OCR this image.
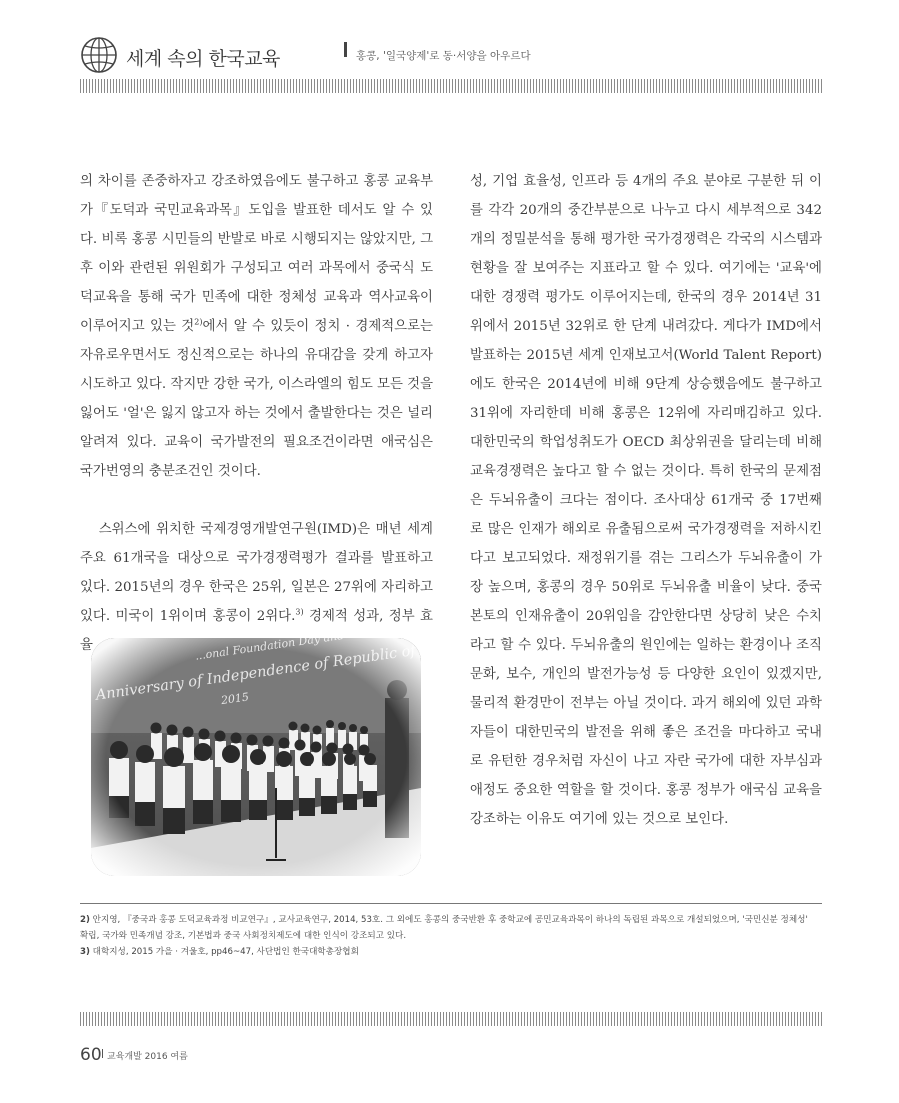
세계 속의 한국교육	홍콩, '일국양제'로 동·서양을 아우르다

의 차이를 존중하자고 강조하였음에도 불구하고 홍콩 교육부가『도덕과 국민교육과목』도입을 발표한 데서도 알 수 있다. 비록 홍콩 시민들의 반발로 바로 시행되지는 않았지만, 그 후 이와 관련된 위원회가 구성되고 여러 과목에서 중국식 도덕교육을 통해 국가 민족에 대한 정체성 교육과 역사교육이 이루어지고 있는 것$^{2)}$에서 알 수 있듯이 정치 · 경제적으로는 자유로우면서도 정신적으로는 하나의 유대감을 갖게 하고자 시도하고 있다. 작지만 강한 국가, 이스라엘의 힘도 모든 것을 잃어도 '얼'은 잃지 않고자 하는 것에서 출발한다는 것은 널리 알려져 있다. 교육이 국가발전의 필요조건이라면 애국심은 국가번영의 충분조건인 것이다.

스위스에 위치한 국제경영개발연구원(IMD)은 매년 세계 주요 61개국을 대상으로 국가경쟁력평가 결과를 발표하고 있다. 2015년의 경우 한국은 25위, 일본은 27위에 자리하고 있다. 미국이 1위이며 홍콩이 2위다.$^{3)}$ 경제적 성과, 정부 효율

성, 기업 효율성, 인프라 등 4개의 주요 분야로 구분한 뒤 이를 각각 20개의 중간부분으로 나누고 다시 세부적으로 342개의 정밀분석을 통해 평가한 국가경쟁력은 각국의 시스템과 현황을 잘 보여주는 지표라고 할 수 있다. 여기에는 '교육'에 대한 경쟁력 평가도 이루어지는데, 한국의 경우 2014년 31위에서 2015년 32위로 한 단계 내려갔다. 게다가 IMD에서 발표하는 2015년 세계 인재보고서(World Talent Report)에도 한국은 2014년에 비해 9단계 상승했음에도 불구하고 31위에 자리한데 비해 홍콩은 12위에 자리매김하고 있다. 대한민국의 학업성취도가 OECD 최상위권을 달리는데 비해 교육경쟁력은 높다고 할 수 없는 것이다. 특히 한국의 문제점은 두뇌유출이 크다는 점이다. 조사대상 61개국 중 17번째로 많은 인재가 해외로 유출됨으로써 국가경쟁력을 저하시킨다고 보고되었다. 재정위기를 겪는 그리스가 두뇌유출이 가장 높으며, 홍콩의 경우 50위로 두뇌유출 비율이 낮다. 중국 본토의 인재유출이 20위임을 감안한다면 상당히 낮은 수치라고 할 수 있다. 두뇌유출의 원인에는 일하는 환경이나 조직 문화, 보수, 개인의 발전가능성 등 다양한 요인이 있겠지만, 물리적 환경만이 전부는 아닐 것이다. 과거 해외에 있던 과학자들이 대한민국의 발전을 위해 좋은 조건을 마다하고 국내로 유턴한 경우처럼 자신이 나고 자란 국가에 대한 자부심과 애정도 중요한 역할을 할 것이다. 홍콩 정부가 애국심 교육을 강조하는 이유도 여기에 있는 것으로 보인다.

2) 안지영, 『중국과 홍콩 도덕교육과정 비교연구』, 교사교육연구, 2014, 53호. 그 외에도 홍콩의 중국반환 후 중학교에 공민교육과목이 하나의 독립된 과목으로 개설되었으며, '국민신분 정체성'

확립, 국가와 민족개념 강조, 기본법과 중국 사회정치제도에 대한 인식이 강조되고 있다.

3) 대학지성, 2015 가을 · 겨울호, pp46~47, 사단법인 한국대학총장협회

60 교육개발 2016 여름
